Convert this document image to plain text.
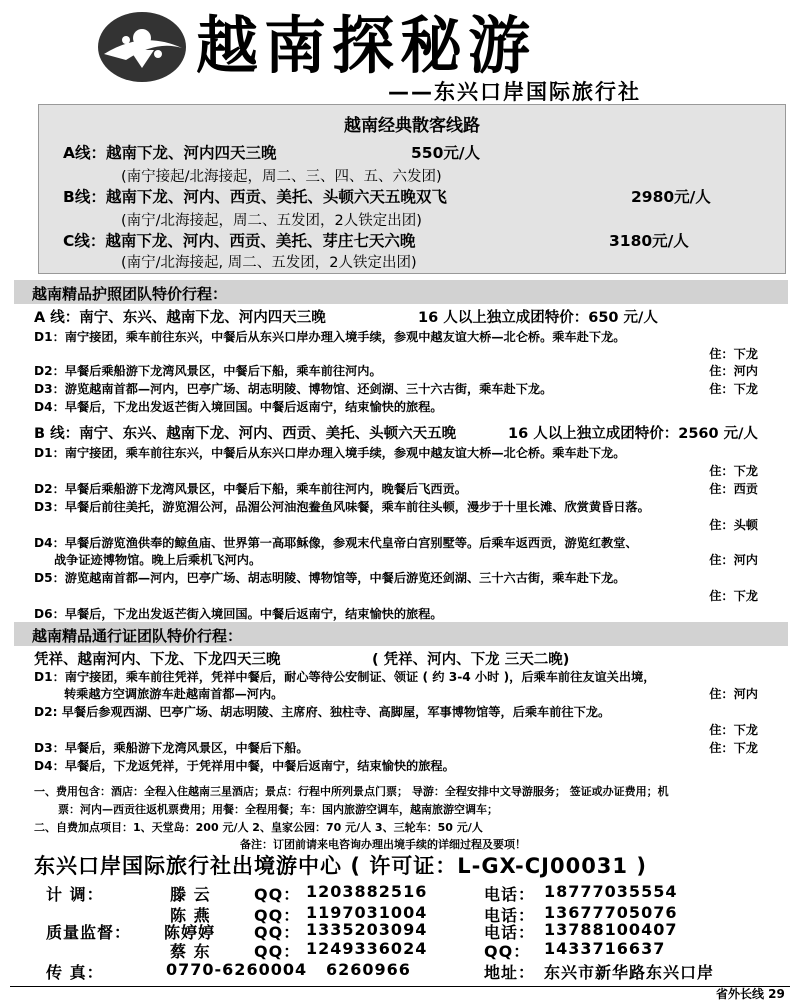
越南探秘游
——东兴口岸国际旅行社
越南经典散客线路
A线：越南下龙、河内四天三晚	550元/人
(南宁接起/北海接起，周二、三、四、五、六发团)
B线：越南下龙、河内、西贡、美托、头顿六天五晚双飞	2980元/人
(南宁/北海接起，周二、五发团，2人铁定出团)
C线：越南下龙、河内、西贡、美托、芽庄七天六晚	3180元/人
(南宁/北海接起, 周二、五发团，2人铁定出团)
越南精品护照团队特价行程：
A 线：南宁、东兴、越南下龙、河内四天三晚	16 人以上独立成团特价：650 元/人
D1：南宁接团，乘车前往东兴，中餐后从东兴口岸办理入境手续，参观中越友谊大桥—北仑桥。乘车赴下龙。
住：下龙
D2：早餐后乘船游下龙湾风景区，中餐后下船，乘车前往河内。	住：河内
D3：游览越南首都—河内，巴亭广场、胡志明陵、博物馆、还剑湖、三十六古街，乘车赴下龙。	住：下龙
D4：早餐后，下龙出发返芒街入境回国。中餐后返南宁，结束愉快的旅程。
B 线：南宁、东兴、越南下龙、河内、西贡、美托、头顿六天五晚	16 人以上独立成团特价：2560 元/人
D1：南宁接团，乘车前往东兴，中餐后从东兴口岸办理入境手续，参观中越友谊大桥—北仑桥。乘车赴下龙。
住：下龙
D2：早餐后乘船游下龙湾风景区，中餐后下船，乘车前往河内，晚餐后飞西贡。	住：西贡
D3：早餐后前往美托，游览湄公河，品湄公河油泡鲞鱼风味餐，乘车前往头顿，漫步于十里长滩、欣赏黄昏日落。
住：头顿
D4：早餐后游览渔供奉的鲸鱼庙、世界第一高耶稣像，参观末代皇帝白宫别墅等。后乘车返西贡，游览红教堂、
战争证迹博物馆。晚上后乘机飞河内。	住：河内
D5：游览越南首都—河内，巴亭广场、胡志明陵、博物馆等，中餐后游览还剑湖、三十六古街，乘车赴下龙。
住：下龙
D6：早餐后，下龙出发返芒街入境回国。中餐后返南宁，结束愉快的旅程。
越南精品通行证团队特价行程：
凭祥、越南河内、下龙、下龙四天三晚	( 凭祥、河内、下龙 三天二晚)
D1：南宁接团，乘车前往凭祥，凭祥中餐后，耐心等待公安制证、领证 ( 约 3-4 小时 )，后乘车前往友谊关出境，
转乘越方空调旅游车赴越南首都—河内。	住：河内
D2: 早餐后参观西湖、巴亭广场、胡志明陵、主席府、独柱寺、高脚屋，军事博物馆等，后乘车前往下龙。
住：下龙
D3：早餐后，乘船游下龙湾风景区，中餐后下船。	住：下龙
D4：早餐后，下龙返凭祥，于凭祥用中餐，中餐后返南宁，结束愉快的旅程。
一、费用包含：酒店：全程入住越南三星酒店；景点：行程中所列景点门票； 导游：全程安排中文导游服务； 签证或办证费用；机
票：河内—西贡往返机票费用；用餐：全程用餐；车：国内旅游空调车，越南旅游空调车；
二、自费加点项目：1、天堂岛：200 元/人 2、皇家公园：70 元/人 3、三轮车：50 元/人
备注：订团前请来电咨询办理出境手续的详细过程及要项！
东兴口岸国际旅行社出境游中心 ( 许可证：L-GX-CJ00031 )
计 调：	滕 云	QQ： 1203882516	电话： 18777035554
陈 燕	QQ： 1197031004	电话： 13677705076
质量监督： 陈婷婷 QQ： 1335203094	电话： 13788100407
蔡 东	QQ： 1249336024	QQ： 1433716637
传 真：	0770-6260004 6260966	地址： 东兴市新华路东兴口岸
省外长线 29
